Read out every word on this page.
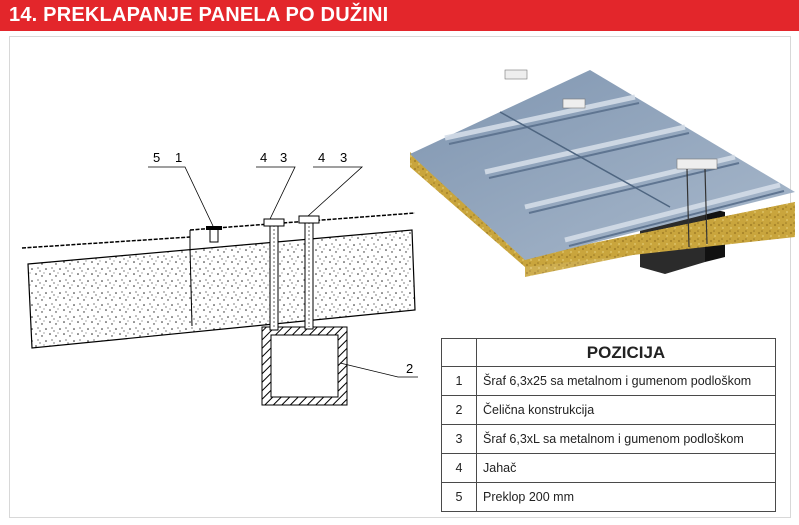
14. PREKLAPANJE PANELA PO DUŽINI
5 1	4 3 4 3
2
	POZICIJA
1	Šraf 6,3x25 sa metalnom i gumenom podloškom
2	Čelična konstrukcija
3	Šraf 6,3xL sa metalnom i gumenom podloškom
4	Jahač
5	Preklop 200 mm
